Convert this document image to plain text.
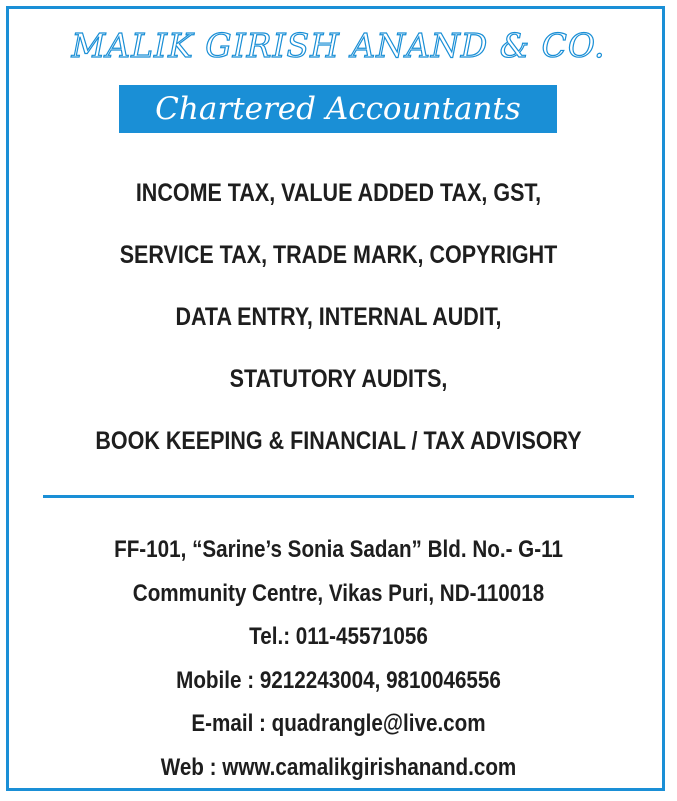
MALIK GIRISH ANAND & CO.
Chartered Accountants
INCOME TAX, VALUE ADDED TAX, GST,
SERVICE TAX, TRADE MARK, COPYRIGHT
DATA ENTRY, INTERNAL AUDIT,
STATUTORY AUDITS,
BOOK KEEPING & FINANCIAL / TAX ADVISORY
FF-101, “Sarine’s Sonia Sadan” Bld. No.- G-11
Community Centre, Vikas Puri, ND-110018
Tel.: 011-45571056
Mobile : 9212243004, 9810046556
E-mail : quadrangle@live.com
Web : www.camalikgirishanand.com
